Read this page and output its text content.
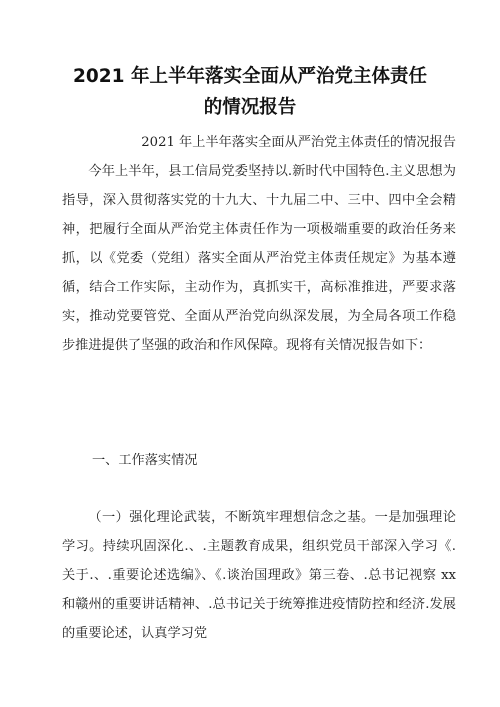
2021 年上半年落实全面从严治党主体责任
的情况报告
2021 年上半年落实全面从严治党主体责任的情况报告
今年上半年，县工信局党委坚持以.新时代中国特色.主义思想为指导，深入贯彻落实党的十九大、十九届二中、三中、四中全会精神，把履行全面从严治党主体责任作为一项极端重要的政治任务来抓，以《党委（党组）落实全面从严治党主体责任规定》为基本遵循，结合工作实际，主动作为，真抓实干，高标准推进，严要求落实，推动党要管党、全面从严治党向纵深发展，为全局各项工作稳步推进提供了坚强的政治和作风保障。现将有关情况报告如下：
一、工作落实情况
（一）强化理论武装，不断筑牢理想信念之基。一是加强理论学习。持续巩固深化.、.主题教育成果，组织党员干部深入学习《.关于.、.重要论述选编》、《.谈治国理政》第三卷、.总书记视察 xx 和赣州的重要讲话精神、.总书记关于统筹推进疫情防控和经济.发展的重要论述，认真学习党
